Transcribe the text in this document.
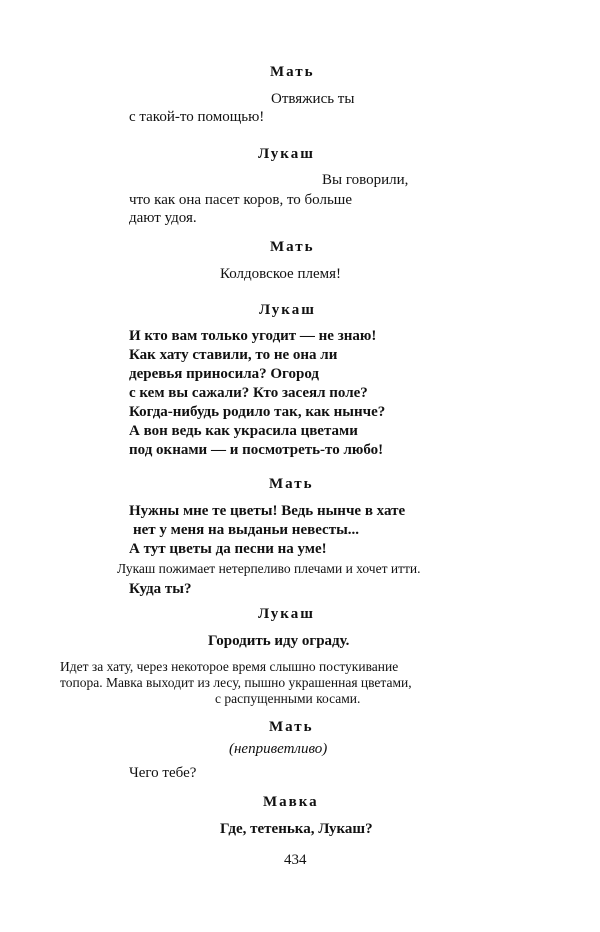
Мать
Отвяжись ты
с такой-то помощью!
Лукаш
Вы говорили,
что как она пасет коров, то больше
дают удоя.
Мать
Колдовское племя!
Лукаш
И кто вам только угодит — не знаю!
Как хату ставили, то не она ли
деревья приносила? Огород
с кем вы сажали? Кто засеял поле?
Когда-нибудь родило так, как нынче?
А вон ведь как украсила цветами
под окнами — и посмотреть-то любо!
Мать
Нужны мне те цветы! Ведь нынче в хате
нет у меня на выданьи невесты...
А тут цветы да песни на уме!
Лукаш пожимает нетерпеливо плечами и хочет итти.
Куда ты?
Лукаш
Городить иду ограду.
Идет за хату, через некоторое время слышно постукивание
топора. Мавка выходит из лесу, пышно украшенная цветами,
с распущенными косами.
Мать
(неприветливо)
Чего тебе?
Мавка
Где, тетенька, Лукаш?
434
